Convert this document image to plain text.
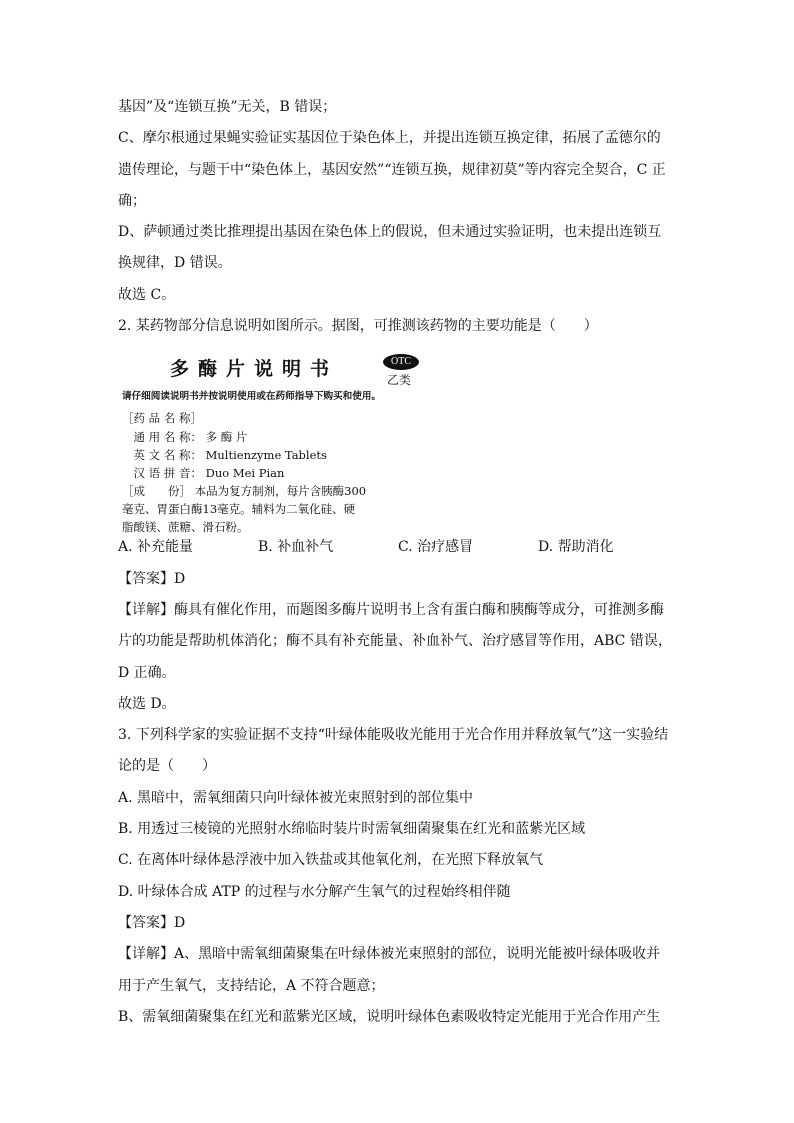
基因”及“连锁互换”无关，B 错误；
C、摩尔根通过果蝇实验证实基因位于染色体上，并提出连锁互换定律，拓展了孟德尔的
遗传理论，与题干中“染色体上，基因安然”“连锁互换，规律初莫”等内容完全契合，C 正
确；
D、萨顿通过类比推理提出基因在染色体上的假说，但未通过实验证明，也未提出连锁互
换规律，D 错误。
故选 C。
2. 某药物部分信息说明如图所示。据图，可推测该药物的主要功能是（　　）
多酶片说明书	OTC
乙类
请仔细阅读说明书并按说明使用或在药师指导下购买和使用。
［药 品 名 称］
　通 用 名 称： 多 酶 片
　英 文 名 称： Multienzyme Tablets
　汉 语 拼 音： Duo Mei Pian
［成　　份］ 本品为复方制剂，每片含胰酶300
毫克、胃蛋白酶13毫克。辅料为二氧化硅、硬
脂酸镁、蔗糖、滑石粉。
A. 补充能量	B. 补血补气	C. 治疗感冒	D. 帮助消化
【答案】D
【详解】酶具有催化作用，而题图多酶片说明书上含有蛋白酶和胰酶等成分，可推测多酶
片的功能是帮助机体消化；酶不具有补充能量、补血补气、治疗感冒等作用，ABC 错误，
D 正确。
故选 D。
3. 下列科学家的实验证据不支持“叶绿体能吸收光能用于光合作用并释放氧气”这一实验结
论的是（　　）
A. 黑暗中，需氧细菌只向叶绿体被光束照射到的部位集中
B. 用透过三棱镜的光照射水绵临时装片时需氧细菌聚集在红光和蓝紫光区域
C. 在离体叶绿体悬浮液中加入铁盐或其他氧化剂，在光照下释放氧气
D. 叶绿体合成 ATP 的过程与水分解产生氧气的过程始终相伴随
【答案】D
【详解】A、黑暗中需氧细菌聚集在叶绿体被光束照射的部位，说明光能被叶绿体吸收并
用于产生氧气，支持结论，A 不符合题意；
B、需氧细菌聚集在红光和蓝紫光区域，说明叶绿体色素吸收特定光能用于光合作用产生
